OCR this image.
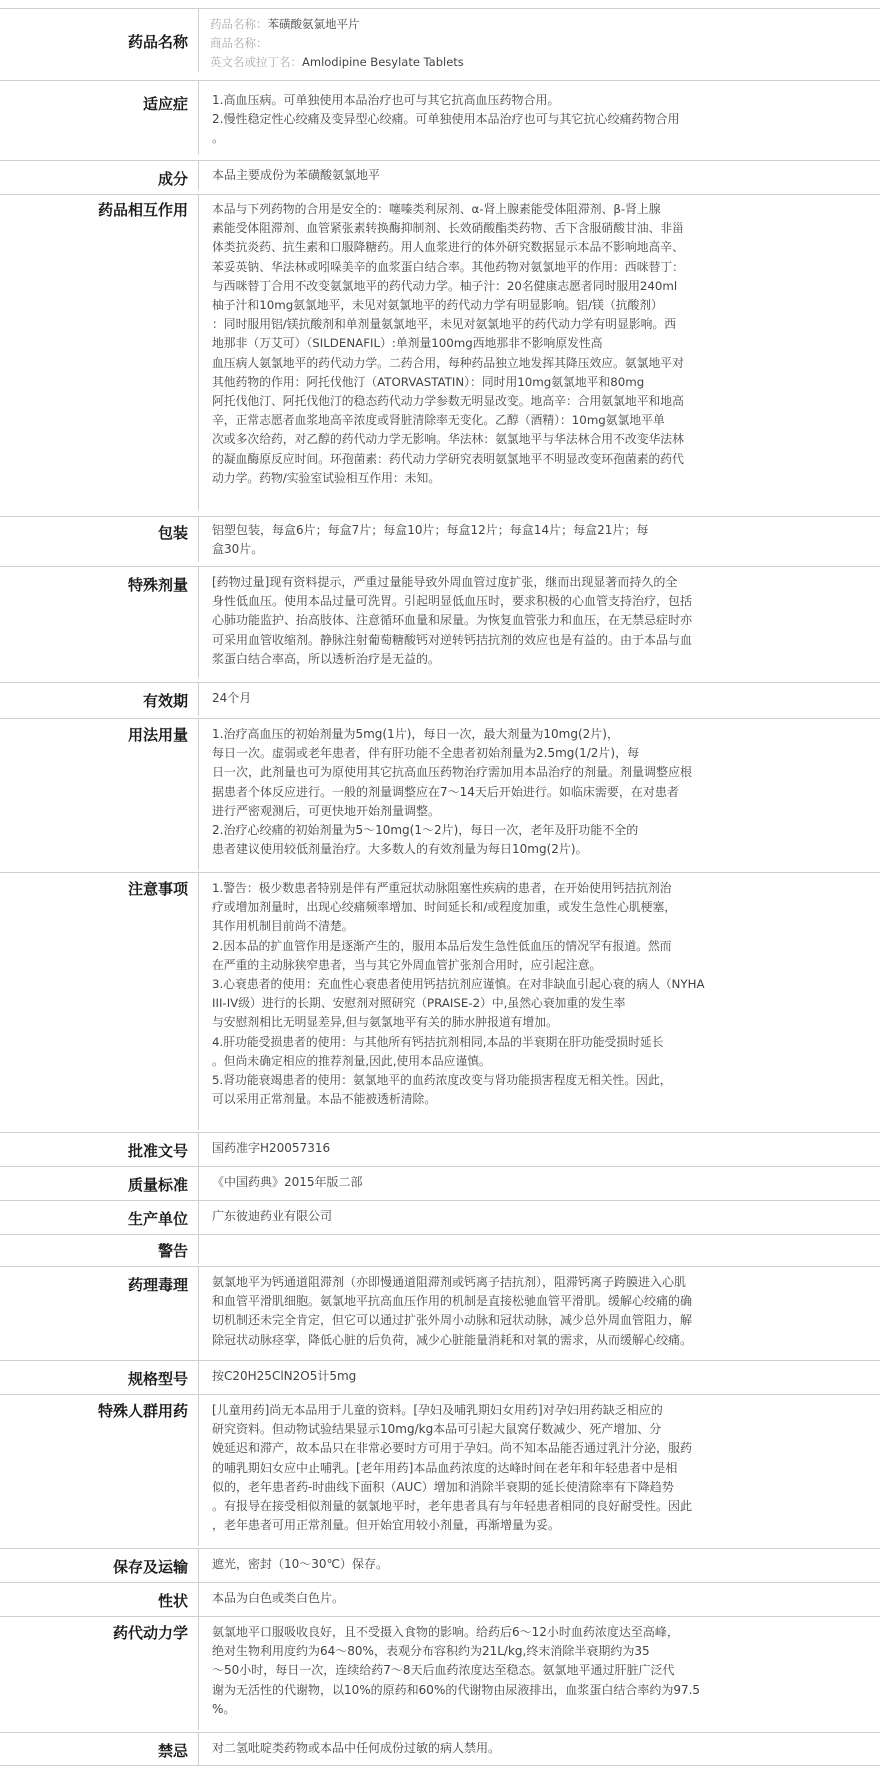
药品名称
药品名称：苯磺酸氨氯地平片
商品名称：
英文名或拉丁名：Amlodipine Besylate Tablets
适应症	1.高血压病。可单独使用本品治疗也可与其它抗高血压药物合用。
2.慢性稳定性心绞痛及变异型心绞痛。可单独使用本品治疗也可与其它抗心绞痛药物合用
。
成分	本品主要成份为苯磺酸氨氯地平
药品相互作用	本品与下列药物的合用是安全的：噻嗪类利尿剂、α-肾上腺素能受体阻滞剂、β-肾上腺
素能受体阻滞剂、血管紧张素转换酶抑制剂、长效硝酸酯类药物、舌下含服硝酸甘油、非甾
体类抗炎药、抗生素和口服降糖药。用人血浆进行的体外研究数据显示本品不影响地高辛、
苯妥英钠、华法林或吲哚美辛的血浆蛋白结合率。其他药物对氨氯地平的作用：西咪替丁：
与西咪替丁合用不改变氨氯地平的药代动力学。柚子汁：20名健康志愿者同时服用240ml
柚子汁和10mg氨氯地平，未见对氨氯地平的药代动力学有明显影响。铝/镁（抗酸剂）
：同时服用铝/镁抗酸剂和单剂量氨氯地平，未见对氨氯地平的药代动力学有明显影响。西
地那非（万艾可）（SILDENAFIL）:单剂量100mg西地那非不影响原发性高
血压病人氨氯地平的药代动力学。二药合用，每种药品独立地发挥其降压效应。氨氯地平对
其他药物的作用：阿托伐他汀（ATORVASTATIN）：同时用10mg氨氯地平和80mg
阿托伐他汀、阿托伐他汀的稳态药代动力学参数无明显改变。地高辛：合用氨氯地平和地高
辛，正常志愿者血浆地高辛浓度或肾脏清除率无变化。乙醇（酒精）：10mg氨氯地平单
次或多次给药，对乙醇的药代动力学无影响。华法林：氨氯地平与华法林合用不改变华法林
的凝血酶原反应时间。环孢菌素：药代动力学研究表明氨氯地平不明显改变环孢菌素的药代
动力学。药物/实验室试验相互作用：未知。
包装	铝塑包装，每盒6片；每盒7片；每盒10片；每盒12片；每盒14片；每盒21片；每
盒30片。
特殊剂量	[药物过量]现有资料提示，严重过量能导致外周血管过度扩张，继而出现显著而持久的全
身性低血压。使用本品过量可洗胃。引起明显低血压时，要求积极的心血管支持治疗，包括
心肺功能监护、抬高肢体、注意循环血量和尿量。为恢复血管张力和血压，在无禁忌症时亦
可采用血管收缩剂。静脉注射葡萄糖酸钙对逆转钙拮抗剂的效应也是有益的。由于本品与血
浆蛋白结合率高，所以透析治疗是无益的。
有效期	24个月
用法用量	1.治疗高血压的初始剂量为5mg(1片)，每日一次，最大剂量为10mg(2片)，
每日一次。虚弱或老年患者，伴有肝功能不全患者初始剂量为2.5mg(1/2片)，每
日一次，此剂量也可为原使用其它抗高血压药物治疗需加用本品治疗的剂量。剂量调整应根
据患者个体反应进行。一般的剂量调整应在7～14天后开始进行。如临床需要，在对患者
进行严密观测后，可更快地开始剂量调整。
2.治疗心绞痛的初始剂量为5～10mg(1～2片)，每日一次，老年及肝功能不全的
患者建议使用较低剂量治疗。大多数人的有效剂量为每日10mg(2片)。
注意事项	1.警告：极少数患者特别是伴有严重冠状动脉阻塞性疾病的患者，在开始使用钙拮抗剂治
疗或增加剂量时，出现心绞痛频率增加、时间延长和/或程度加重，或发生急性心肌梗塞，
其作用机制目前尚不清楚。
2.因本品的扩血管作用是逐渐产生的，服用本品后发生急性低血压的情况罕有报道。然而
在严重的主动脉狭窄患者，当与其它外周血管扩张剂合用时，应引起注意。
3.心衰患者的使用：充血性心衰患者使用钙拮抗剂应谨慎。在对非缺血引起心衰的病人（NYHA
III-IV级）进行的长期、安慰剂对照研究（PRAISE-2）中,虽然心衰加重的发生率
与安慰剂相比无明显差异,但与氨氯地平有关的肺水肿报道有增加。
4.肝功能受损患者的使用：与其他所有钙拮抗剂相同,本品的半衰期在肝功能受损时延长
。但尚未确定相应的推荐剂量,因此,使用本品应谨慎。
5.肾功能衰竭患者的使用：氨氯地平的血药浓度改变与肾功能损害程度无相关性。因此，
可以采用正常剂量。本品不能被透析清除。
批准文号	国药准字H20057316
质量标准	《中国药典》2015年版二部
生产单位	广东彼迪药业有限公司
警告
药理毒理	氨氯地平为钙通道阻滞剂（亦即慢通道阻滞剂或钙离子拮抗剂），阻滞钙离子跨膜进入心肌
和血管平滑肌细胞。氨氯地平抗高血压作用的机制是直接松驰血管平滑肌。缓解心绞痛的确
切机制还未完全肯定，但它可以通过扩张外周小动脉和冠状动脉，减少总外周血管阻力，解
除冠状动脉痉挛，降低心脏的后负荷，减少心脏能量消耗和对氧的需求，从而缓解心绞痛。
规格型号	按C20H25ClN2O5计5mg
特殊人群用药	[儿童用药]尚无本品用于儿童的资料。[孕妇及哺乳期妇女用药]对孕妇用药缺乏相应的
研究资料。但动物试验结果显示10mg/kg本品可引起大鼠窝仔数减少、死产增加、分
娩延迟和滞产，故本品只在非常必要时方可用于孕妇。尚不知本品能否通过乳汁分泌，服药
的哺乳期妇女应中止哺乳。[老年用药]本品血药浓度的达峰时间在老年和年轻患者中是相
似的，老年患者药-时曲线下面积（AUC）增加和消除半衰期的延长使清除率有下降趋势
。有报导在接受相似剂量的氨氯地平时，老年患者具有与年轻患者相同的良好耐受性。因此
，老年患者可用正常剂量。但开始宜用较小剂量，再渐增量为妥。
保存及运输	遮光，密封（10～30℃）保存。
性状	本品为白色或类白色片。
药代动力学	氨氯地平口服吸收良好，且不受摄入食物的影响。给药后6～12小时血药浓度达至高峰，
绝对生物利用度约为64～80%，表观分布容积约为21L/kg,终末消除半衰期约为35
～50小时，每日一次，连续给药7～8天后血药浓度达至稳态。氨氯地平通过肝脏广泛代
谢为无活性的代谢物，以10%的原药和60%的代谢物由尿液排出，血浆蛋白结合率约为97.5
%。
禁忌	对二氢吡啶类药物或本品中任何成份过敏的病人禁用。
